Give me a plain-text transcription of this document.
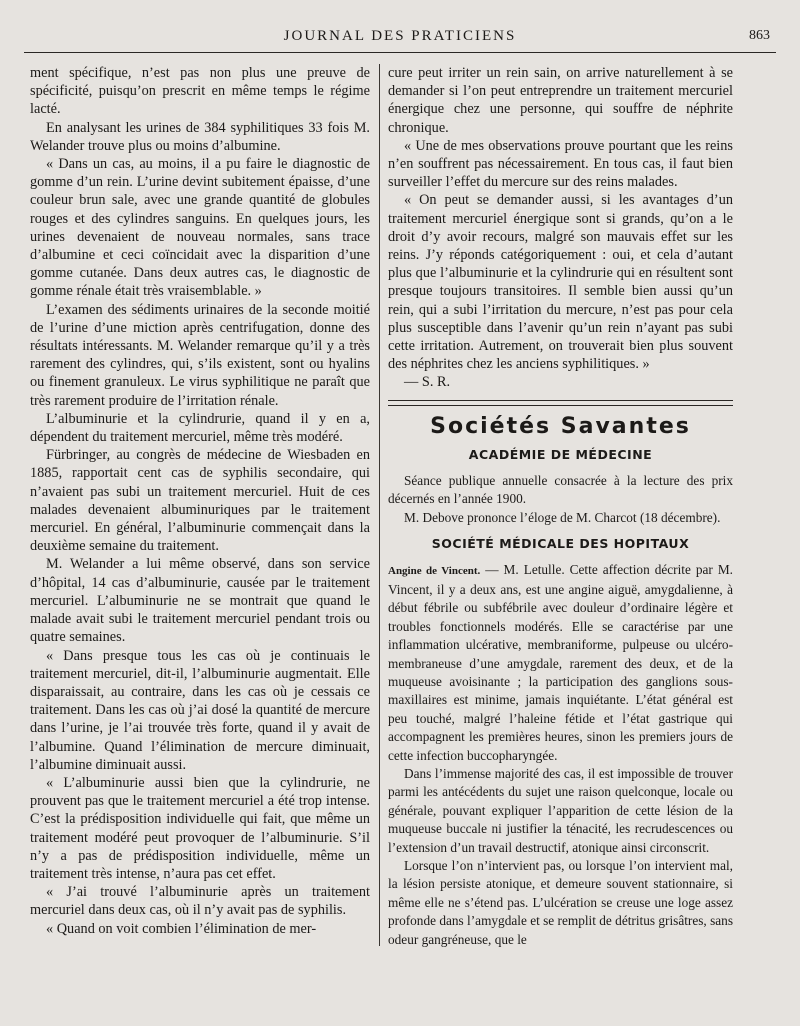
JOURNAL DES PRATICIENS	863

ment spécifique, n’est pas non plus une preuve de spécificité, puisqu’on prescrit en même temps le régime lacté.

En analysant les urines de 384 syphilitiques 33 fois M. Welander trouve plus ou moins d’albumine.

« Dans un cas, au moins, il a pu faire le diagnostic de gomme d’un rein. L’urine devint subitement épaisse, d’une couleur brun sale, avec une grande quantité de globules rouges et des cylindres sanguins. En quelques jours, les urines devenaient de nouveau normales, sans trace d’albumine et ceci coïncidait avec la disparition d’une gomme cutanée. Dans deux autres cas, le diagnostic de gomme rénale était très vraisemblable. »

L’examen des sédiments urinaires de la seconde moitié de l’urine d’une miction après centrifugation, donne des résultats intéressants. M. Welander remarque qu’il y a très rarement des cylindres, qui, s’ils existent, sont ou hyalins ou finement granuleux. Le virus syphilitique ne paraît que très rarement produire de l’irritation rénale.

L’albuminurie et la cylindrurie, quand il y en a, dépendent du traitement mercuriel, même très modéré.

Fürbringer, au congrès de médecine de Wiesbaden en 1885, rapportait cent cas de syphilis secondaire, qui n’avaient pas subi un traitement mercuriel. Huit de ces malades devenaient albuminuriques par le traitement mercuriel. En général, l’albuminurie commençait dans la deuxième semaine du traitement.

M. Welander a lui même observé, dans son service d’hôpital, 14 cas d’albuminurie, causée par le traitement mercuriel. L’albuminurie ne se montrait que quand le malade avait subi le traitement mercuriel pendant trois ou quatre semaines.

« Dans presque tous les cas où je continuais le traitement mercuriel, dit-il, l’albuminurie augmentait. Elle disparaissait, au contraire, dans les cas où je cessais ce traitement. Dans les cas où j’ai dosé la quantité de mercure dans l’urine, je l’ai trouvée très forte, quand il y avait de l’albumine. Quand l’élimination de mercure diminuait, l’albumine diminuait aussi.

« L’albuminurie aussi bien que la cylindrurie, ne prouvent pas que le traitement mercuriel a été trop intense. C’est la prédisposition individuelle qui fait, que même un traitement modéré peut provoquer de l’albuminurie. S’il n’y a pas de prédisposition individuelle, même un traitement très intense, n’aura pas cet effet.

« J’ai trouvé l’albuminurie après un traitement mercuriel dans deux cas, où il n’y avait pas de syphilis.

« Quand on voit combien l’élimination de mer-

cure peut irriter un rein sain, on arrive naturellement à se demander si l’on peut entreprendre un traitement mercuriel énergique chez une personne, qui souffre de néphrite chronique.

« Une de mes observations prouve pourtant que les reins n’en souffrent pas nécessairement. En tous cas, il faut bien surveiller l’effet du mercure sur des reins malades.

« On peut se demander aussi, si les avantages d’un traitement mercuriel énergique sont si grands, qu’on a le droit d’y avoir recours, malgré son mauvais effet sur les reins. J’y réponds catégoriquement : oui, et cela d’autant plus que l’albuminurie et la cylindrurie qui en résultent sont presque toujours transitoires. Il semble bien aussi qu’un rein, qui a subi l’irritation du mercure, n’est pas pour cela plus susceptible dans l’avenir qu’un rein n’ayant pas subi cette irritation. Autrement, on trouverait bien plus souvent des néphrites chez les anciens syphilitiques. »

— S. R.

Sociétés Savantes
ACADÉMIE DE MÉDECINE

Séance publique annuelle consacrée à la lecture des prix décernés en l’année 1900.

M. Debove prononce l’éloge de M. Charcot (18 décembre).

SOCIÉTÉ MÉDICALE DES HOPITAUX

Angine de Vincent. — M. Letulle. Cette affection décrite par M. Vincent, il y a deux ans, est une angine aiguë, amygdalienne, à début fébrile ou subfébrile avec douleur d’ordinaire légère et troubles fonctionnels modérés. Elle se caractérise par une inflammation ulcérative, membraniforme, pulpeuse ou ulcéro-membraneuse d’une amygdale, rarement des deux, et de la muqueuse avoisinante ; la participation des ganglions sous-maxillaires est minime, jamais inquiétante. L’état général est peu touché, malgré l’haleine fétide et l’état gastrique qui accompagnent les premières heures, sinon les premiers jours de cette infection buccopharyngée.

Dans l’immense majorité des cas, il est impossible de trouver parmi les antécédents du sujet une raison quelconque, locale ou générale, pouvant expliquer l’apparition de cette lésion de la muqueuse buccale ni justifier la ténacité, les recrudescences ou l’extension d’un travail destructif, atonique ainsi circonscrit.

Lorsque l’on n’intervient pas, ou lorsque l’on intervient mal, la lésion persiste atonique, et demeure souvent stationnaire, si même elle ne s’étend pas. L’ulcération se creuse une loge assez profonde dans l’amygdale et se remplit de détritus grisâtres, sans odeur gangréneuse, que le
